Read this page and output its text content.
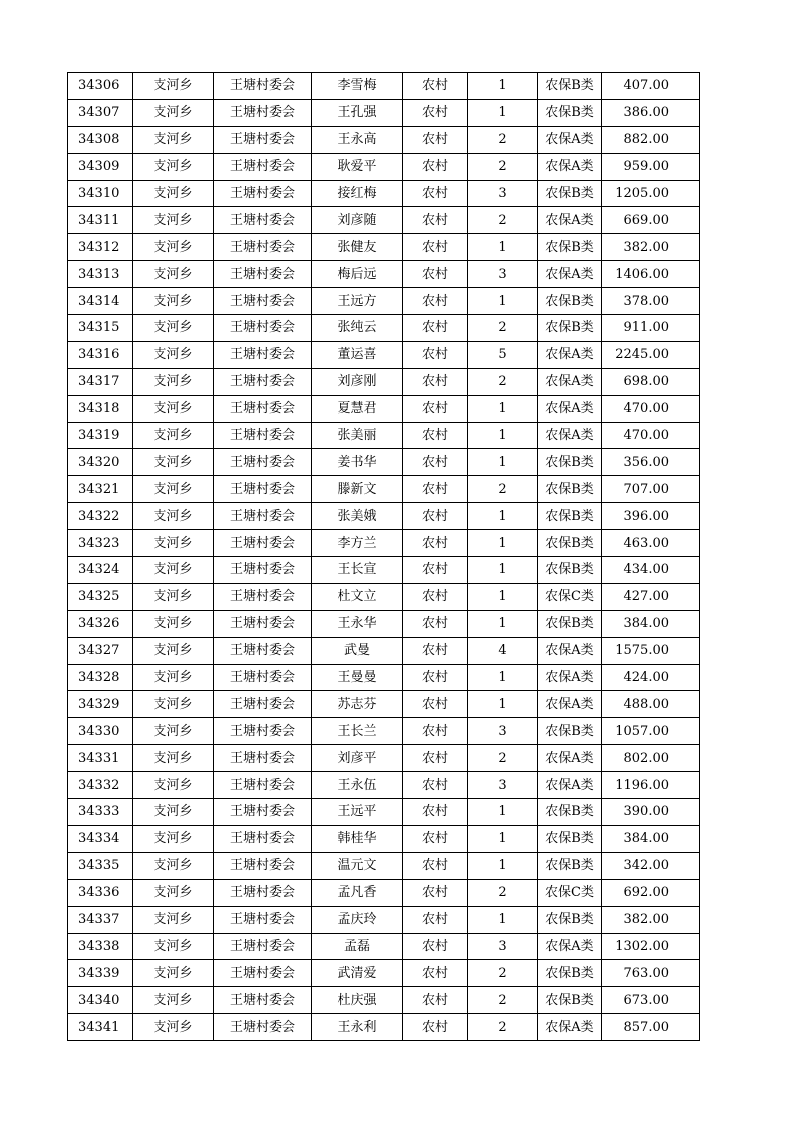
34306	支河乡	王塘村委会	李雪梅	农村	1	农保B类	407.00
34307	支河乡	王塘村委会	王孔强	农村	1	农保B类	386.00
34308	支河乡	王塘村委会	王永高	农村	2	农保A类	882.00
34309	支河乡	王塘村委会	耿爱平	农村	2	农保A类	959.00
34310	支河乡	王塘村委会	接红梅	农村	3	农保B类	1205.00
34311	支河乡	王塘村委会	刘彦随	农村	2	农保A类	669.00
34312	支河乡	王塘村委会	张健友	农村	1	农保B类	382.00
34313	支河乡	王塘村委会	梅后远	农村	3	农保A类	1406.00
34314	支河乡	王塘村委会	王远方	农村	1	农保B类	378.00
34315	支河乡	王塘村委会	张纯云	农村	2	农保B类	911.00
34316	支河乡	王塘村委会	董运喜	农村	5	农保A类	2245.00
34317	支河乡	王塘村委会	刘彦刚	农村	2	农保A类	698.00
34318	支河乡	王塘村委会	夏慧君	农村	1	农保A类	470.00
34319	支河乡	王塘村委会	张美丽	农村	1	农保A类	470.00
34320	支河乡	王塘村委会	姜书华	农村	1	农保B类	356.00
34321	支河乡	王塘村委会	滕新文	农村	2	农保B类	707.00
34322	支河乡	王塘村委会	张美娥	农村	1	农保B类	396.00
34323	支河乡	王塘村委会	李方兰	农村	1	农保B类	463.00
34324	支河乡	王塘村委会	王长宣	农村	1	农保B类	434.00
34325	支河乡	王塘村委会	杜文立	农村	1	农保C类	427.00
34326	支河乡	王塘村委会	王永华	农村	1	农保B类	384.00
34327	支河乡	王塘村委会	武曼	农村	4	农保A类	1575.00
34328	支河乡	王塘村委会	王曼曼	农村	1	农保A类	424.00
34329	支河乡	王塘村委会	苏志芬	农村	1	农保A类	488.00
34330	支河乡	王塘村委会	王长兰	农村	3	农保B类	1057.00
34331	支河乡	王塘村委会	刘彦平	农村	2	农保A类	802.00
34332	支河乡	王塘村委会	王永伍	农村	3	农保A类	1196.00
34333	支河乡	王塘村委会	王远平	农村	1	农保B类	390.00
34334	支河乡	王塘村委会	韩桂华	农村	1	农保B类	384.00
34335	支河乡	王塘村委会	温元文	农村	1	农保B类	342.00
34336	支河乡	王塘村委会	孟凡香	农村	2	农保C类	692.00
34337	支河乡	王塘村委会	孟庆玲	农村	1	农保B类	382.00
34338	支河乡	王塘村委会	孟磊	农村	3	农保A类	1302.00
34339	支河乡	王塘村委会	武清爱	农村	2	农保B类	763.00
34340	支河乡	王塘村委会	杜庆强	农村	2	农保B类	673.00
34341	支河乡	王塘村委会	王永利	农村	2	农保A类	857.00
